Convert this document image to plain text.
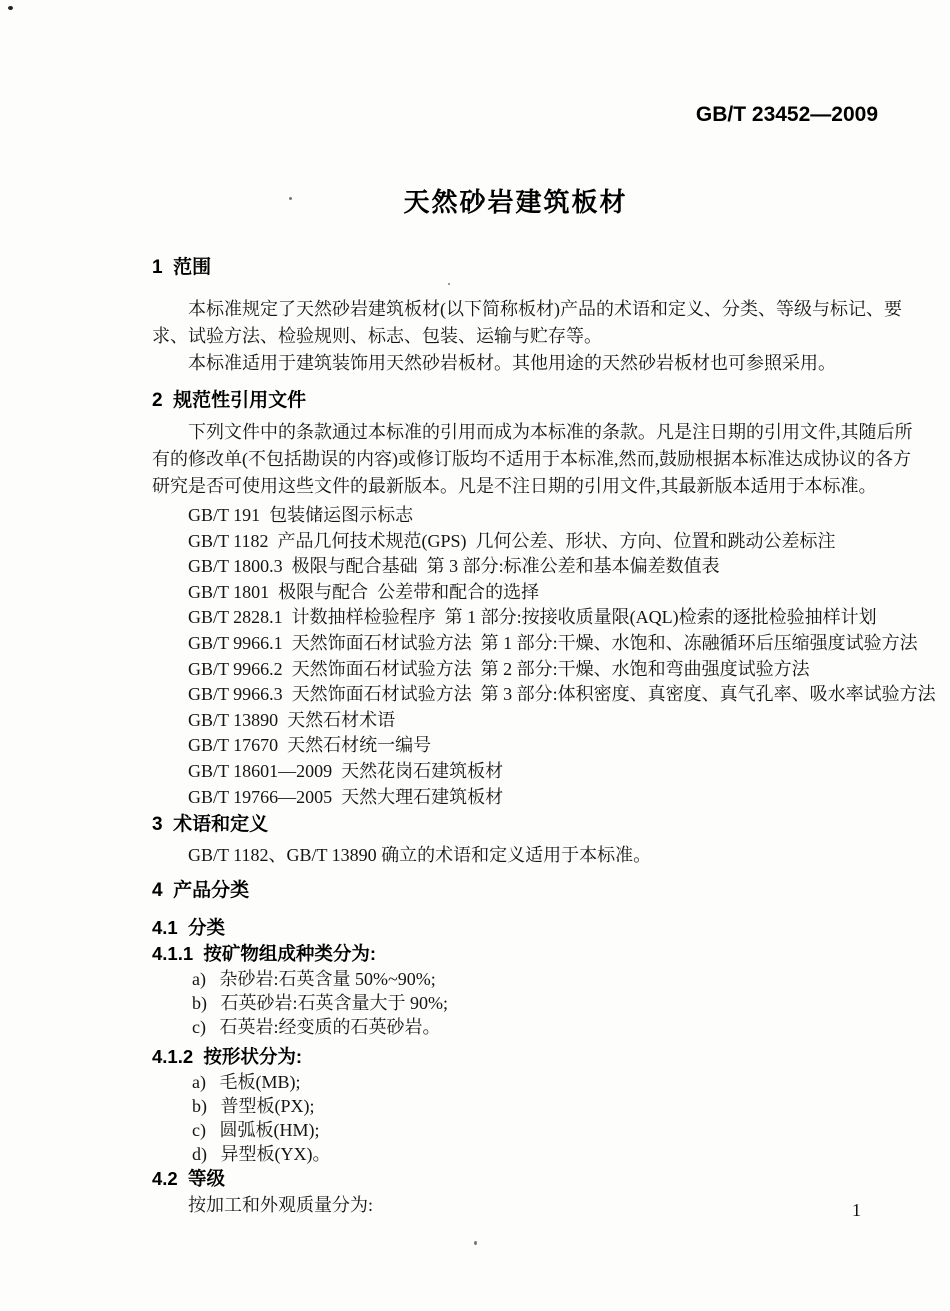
GB/T 23452—2009
天然砂岩建筑板材
1  范围
本标准规定了天然砂岩建筑板材(以下简称板材)产品的术语和定义、分类、等级与标记、要求、试验方法、检验规则、标志、包装、运输与贮存等。
本标准适用于建筑装饰用天然砂岩板材。其他用途的天然砂岩板材也可参照采用。
2  规范性引用文件
下列文件中的条款通过本标准的引用而成为本标准的条款。凡是注日期的引用文件,其随后所有的修改单(不包括勘误的内容)或修订版均不适用于本标准,然而,鼓励根据本标准达成协议的各方研究是否可使用这些文件的最新版本。凡是不注日期的引用文件,其最新版本适用于本标准。
GB/T 191  包装储运图示标志
GB/T 1182  产品几何技术规范(GPS)  几何公差、形状、方向、位置和跳动公差标注
GB/T 1800.3  极限与配合基础  第 3 部分:标准公差和基本偏差数值表
GB/T 1801  极限与配合  公差带和配合的选择
GB/T 2828.1  计数抽样检验程序  第 1 部分:按接收质量限(AQL)检索的逐批检验抽样计划
GB/T 9966.1  天然饰面石材试验方法  第 1 部分:干燥、水饱和、冻融循环后压缩强度试验方法
GB/T 9966.2  天然饰面石材试验方法  第 2 部分:干燥、水饱和弯曲强度试验方法
GB/T 9966.3  天然饰面石材试验方法  第 3 部分:体积密度、真密度、真气孔率、吸水率试验方法
GB/T 13890  天然石材术语
GB/T 17670  天然石材统一编号
GB/T 18601—2009  天然花岗石建筑板材
GB/T 19766—2005  天然大理石建筑板材
3  术语和定义
GB/T 1182、GB/T 13890 确立的术语和定义适用于本标准。
4  产品分类
4.1  分类
4.1.1  按矿物组成种类分为:
a)   杂砂岩:石英含量 50%~90%;
b)   石英砂岩:石英含量大于 90%;
c)   石英岩:经变质的石英砂岩。
4.1.2  按形状分为:
a)   毛板(MB);
b)   普型板(PX);
c)   圆弧板(HM);
d)   异型板(YX)。
4.2  等级
按加工和外观质量分为:	1
